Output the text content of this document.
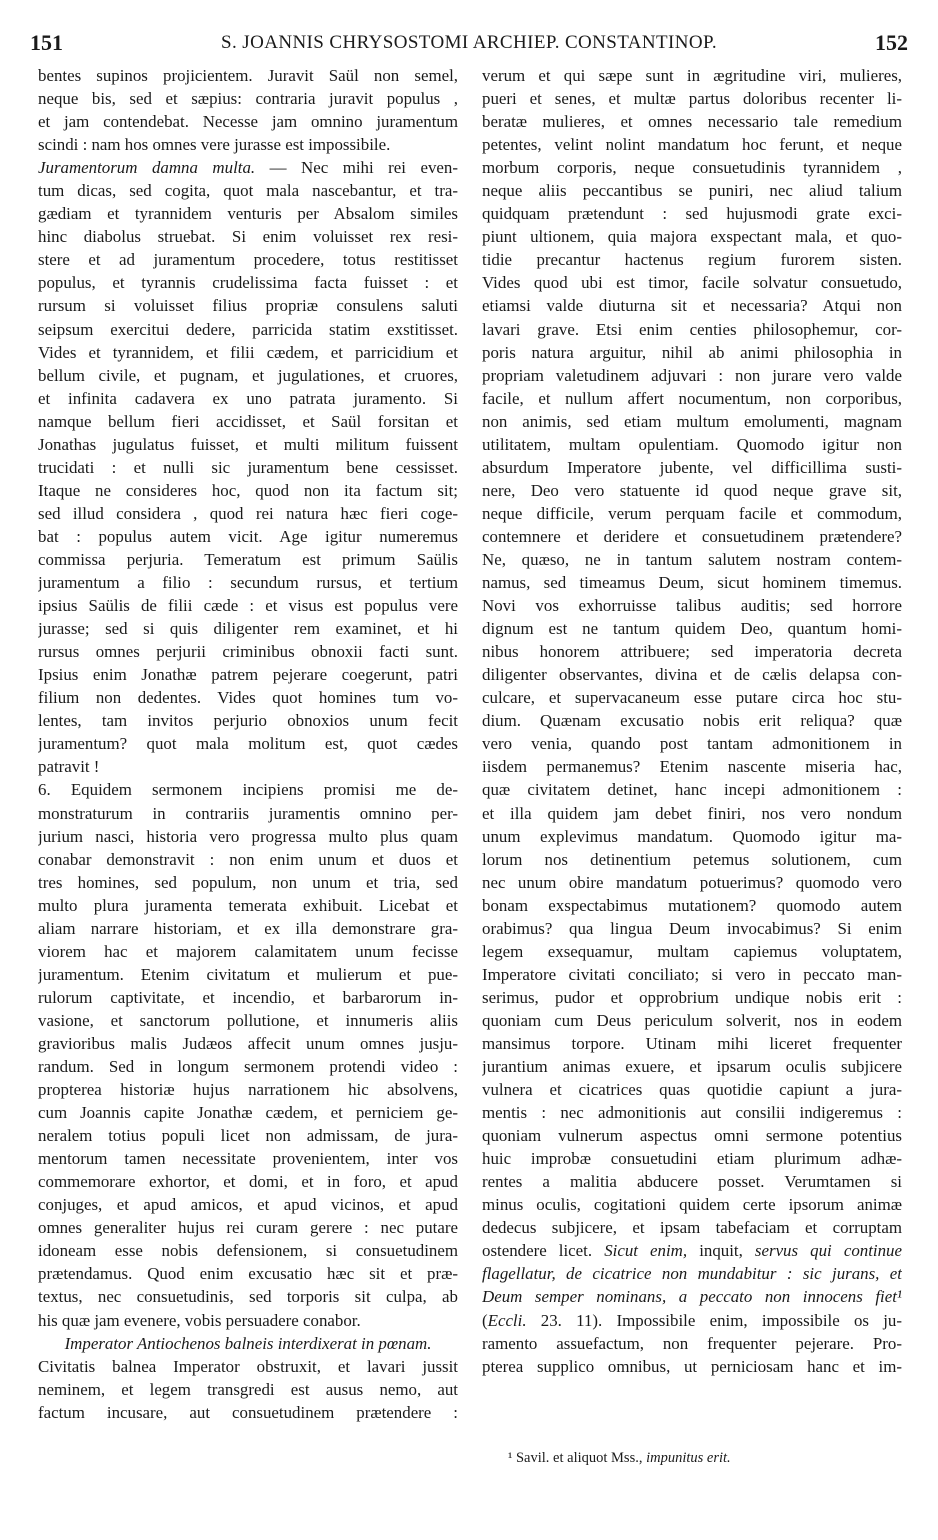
151	S. JOANNIS CHRYSOSTOMI ARCHIEP. CONSTANTINOP.	152
bentes supinos projicientem. Juravit Saül non semel,
neque bis, sed et sæpius: contraria juravit populus ,
et jam contendebat. Necesse jam omnino juramentum
scindi : nam hos omnes vere jurasse est impossibile.
Juramentorum damna multa. — Nec mihi rei even-
tum dicas, sed cogita, quot mala nascebantur, et tra-
gædiam et tyrannidem venturis per Absalom similes
hinc diabolus struebat. Si enim voluisset rex resi-
stere et ad juramentum procedere, totus restitisset
populus, et tyrannis crudelissima facta fuisset : et
rursum si voluisset filius propriæ consulens saluti
seipsum exercitui dedere, parricida statim exstitisset.
Vides et tyrannidem, et filii cædem, et parricidium et
bellum civile, et pugnam, et jugulationes, et cruores,
et infinita cadavera ex uno patrata juramento. Si
namque bellum fieri accidisset, et Saül forsitan et
Jonathas jugulatus fuisset, et multi militum fuissent
trucidati : et nulli sic juramentum bene cessisset.
Itaque ne consideres hoc, quod non ita factum sit;
sed illud considera , quod rei natura hæc fieri coge-
bat : populus autem vicit. Age igitur numeremus
commissa perjuria. Temeratum est primum Saülis
juramentum a filio : secundum rursus, et tertium
ipsius Saülis de filii cæde : et visus est populus vere
jurasse; sed si quis diligenter rem examinet, et hi
rursus omnes perjurii criminibus obnoxii facti sunt.
Ipsius enim Jonathæ patrem pejerare coegerunt, patri
filium non dedentes. Vides quot homines tum vo-
lentes, tam invitos perjurio obnoxios unum fecit
juramentum? quot mala molitum est, quot cædes
patravit !
6. Equidem sermonem incipiens promisi me de-
monstraturum in contrariis juramentis omnino per-
jurium nasci, historia vero progressa multo plus quam
conabar demonstravit : non enim unum et duos et
tres homines, sed populum, non unum et tria, sed
multo plura juramenta temerata exhibuit. Licebat et
aliam narrare historiam, et ex illa demonstrare gra-
viorem hac et majorem calamitatem unum fecisse
juramentum. Etenim civitatum et mulierum et pue-
rulorum captivitate, et incendio, et barbarorum in-
vasione, et sanctorum pollutione, et innumeris aliis
gravioribus malis Judæos affecit unum omnes jusju-
randum. Sed in longum sermonem protendi video :
propterea historiæ hujus narrationem hic absolvens,
cum Joannis capite Jonathæ cædem, et perniciem ge-
neralem totius populi licet non admissam, de jura-
mentorum tamen necessitate provenientem, inter vos
commemorare exhortor, et domi, et in foro, et apud
conjuges, et apud amicos, et apud vicinos, et apud
omnes generaliter hujus rei curam gerere : nec putare
idoneam esse nobis defensionem, si consuetudinem
prætendamus. Quod enim excusatio hæc sit et præ-
textus, nec consuetudinis, sed torporis sit culpa, ab
his quæ jam evenere, vobis persuadere conabor.
Imperator Antiochenos balneis interdixerat in pœnam.
Civitatis balnea Imperator obstruxit, et lavari jussit
neminem, et legem transgredi est ausus nemo, aut
factum incusare, aut consuetudinem prætendere :
verum et qui sæpe sunt in ægritudine viri, mulieres,
pueri et senes, et multæ partus doloribus recenter li-
beratæ mulieres, et omnes necessario tale remedium
petentes, velint nolint mandatum hoc ferunt, et neque
morbum corporis, neque consuetudinis tyrannidem ,
neque aliis peccantibus se puniri, nec aliud talium
quidquam prætendunt : sed hujusmodi grate exci-
piunt ultionem, quia majora exspectant mala, et quo-
tidie precantur hactenus regium furorem sisten.
Vides quod ubi est timor, facile solvatur consuetudo,
etiamsi valde diuturna sit et necessaria? Atqui non
lavari grave. Etsi enim centies philosophemur, cor-
poris natura arguitur, nihil ab animi philosophia in
propriam valetudinem adjuvari : non jurare vero valde
facile, et nullum affert nocumentum, non corporibus,
non animis, sed etiam multum emolumenti, magnam
utilitatem, multam opulentiam. Quomodo igitur non
absurdum Imperatore jubente, vel difficillima susti-
nere, Deo vero statuente id quod neque grave sit,
neque difficile, verum perquam facile et commodum,
contemnere et deridere et consuetudinem prætendere?
Ne, quæso, ne in tantum salutem nostram contem-
namus, sed timeamus Deum, sicut hominem timemus.
Novi vos exhorruisse talibus auditis; sed horrore
dignum est ne tantum quidem Deo, quantum homi-
nibus honorem attribuere; sed imperatoria decreta
diligenter observantes, divina et de cælis delapsa con-
culcare, et supervacaneum esse putare circa hoc stu-
dium. Quænam excusatio nobis erit reliqua? quæ
vero venia, quando post tantam admonitionem in
iisdem permanemus? Etenim nascente miseria hac,
quæ civitatem detinet, hanc incepi admonitionem :
et illa quidem jam debet finiri, nos vero nondum
unum explevimus mandatum. Quomodo igitur ma-
lorum nos detinentium petemus solutionem, cum
nec unum obire mandatum potuerimus? quomodo vero
bonam exspectabimus mutationem? quomodo autem
orabimus? qua lingua Deum invocabimus? Si enim
legem exsequamur, multam capiemus voluptatem,
Imperatore civitati conciliato; si vero in peccato man-
serimus, pudor et opprobrium undique nobis erit :
quoniam cum Deus periculum solverit, nos in eodem
mansimus torpore. Utinam mihi liceret frequenter
jurantium animas exuere, et ipsarum oculis subjicere
vulnera et cicatrices quas quotidie capiunt a jura-
mentis : nec admonitionis aut consilii indigeremus :
quoniam vulnerum aspectus omni sermone potentius
huic improbæ consuetudini etiam plurimum adhæ-
rentes a malitia abducere posset. Verumtamen si
minus oculis, cogitationi quidem certe ipsorum animæ
dedecus subjicere, et ipsam tabefaciam et corruptam
ostendere licet. Sicut enim, inquit, servus qui continue
flagellatur, de cicatrice non mundabitur : sic jurans, et
Deum semper nominans, a peccato non innocens fiet¹
(Eccli. 23. 11). Impossibile enim, impossibile os ju-
ramento assuefactum, non frequenter pejerare. Pro-
pterea supplico omnibus, ut perniciosam hanc et im-
¹ Savil. et aliquot Mss., impunitus erit.
